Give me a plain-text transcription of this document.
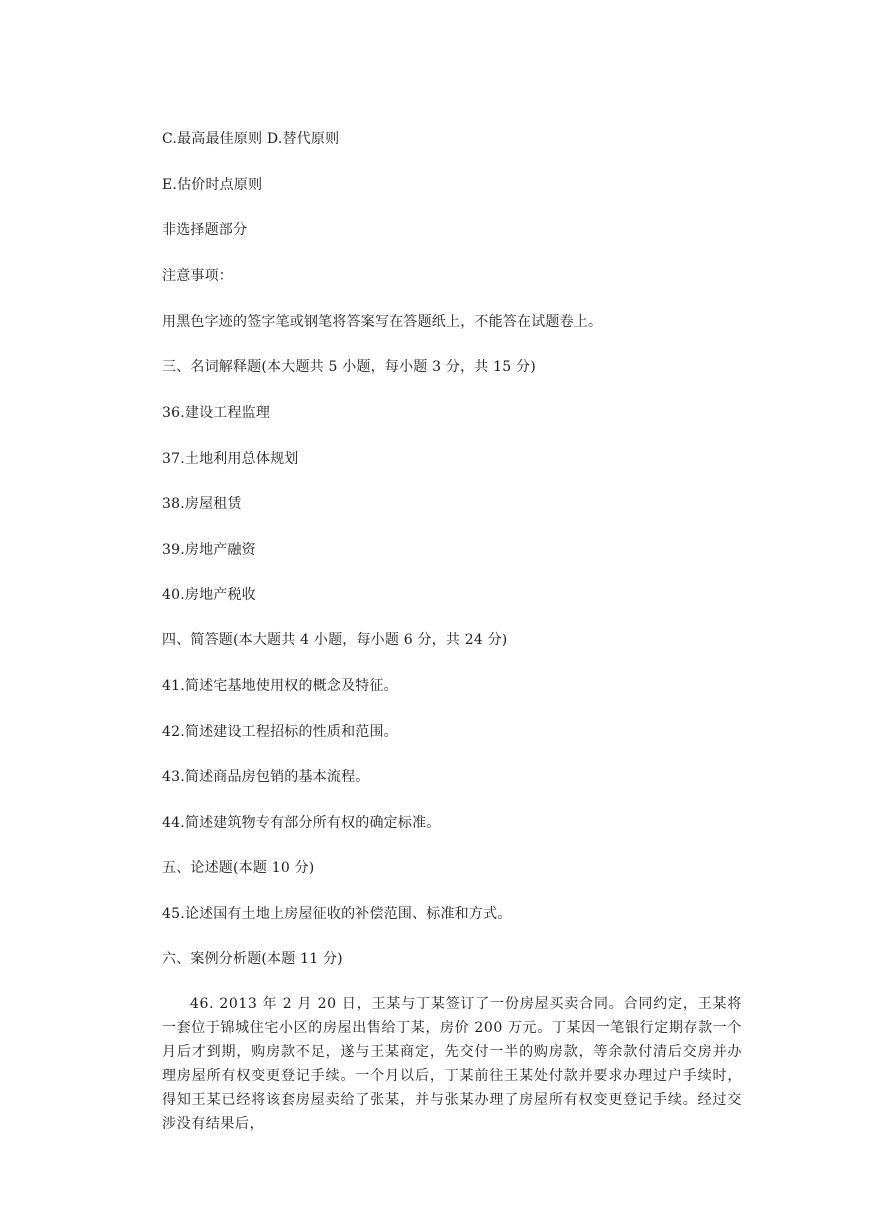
C.最高最佳原则 D.替代原则
E.估价时点原则
非选择题部分
注意事项：
用黑色字迹的签字笔或钢笔将答案写在答题纸上，不能答在试题卷上。
三、名词解释题(本大题共 5 小题，每小题 3 分，共 15 分)
36.建设工程监理
37.土地利用总体规划
38.房屋租赁
39.房地产融资
40.房地产税收
四、简答题(本大题共 4 小题，每小题 6 分，共 24 分)
41.简述宅基地使用权的概念及特征。
42.简述建设工程招标的性质和范围。
43.简述商品房包销的基本流程。
44.简述建筑物专有部分所有权的确定标准。
五、论述题(本题 10 分)
45.论述国有土地上房屋征收的补偿范围、标准和方式。
六、案例分析题(本题 11 分)
46. 2013 年 2 月 20 日，王某与丁某签订了一份房屋买卖合同。合同约定，王某将一套位于锦城住宅小区的房屋出售给丁某，房价 200 万元。丁某因一笔银行定期存款一个月后才到期，购房款不足，遂与王某商定，先交付一半的购房款，等余款付清后交房并办理房屋所有权变更登记手续。一个月以后，丁某前往王某处付款并要求办理过户手续时，得知王某已经将该套房屋卖给了张某，并与张某办理了房屋所有权变更登记手续。经过交涉没有结果后，
